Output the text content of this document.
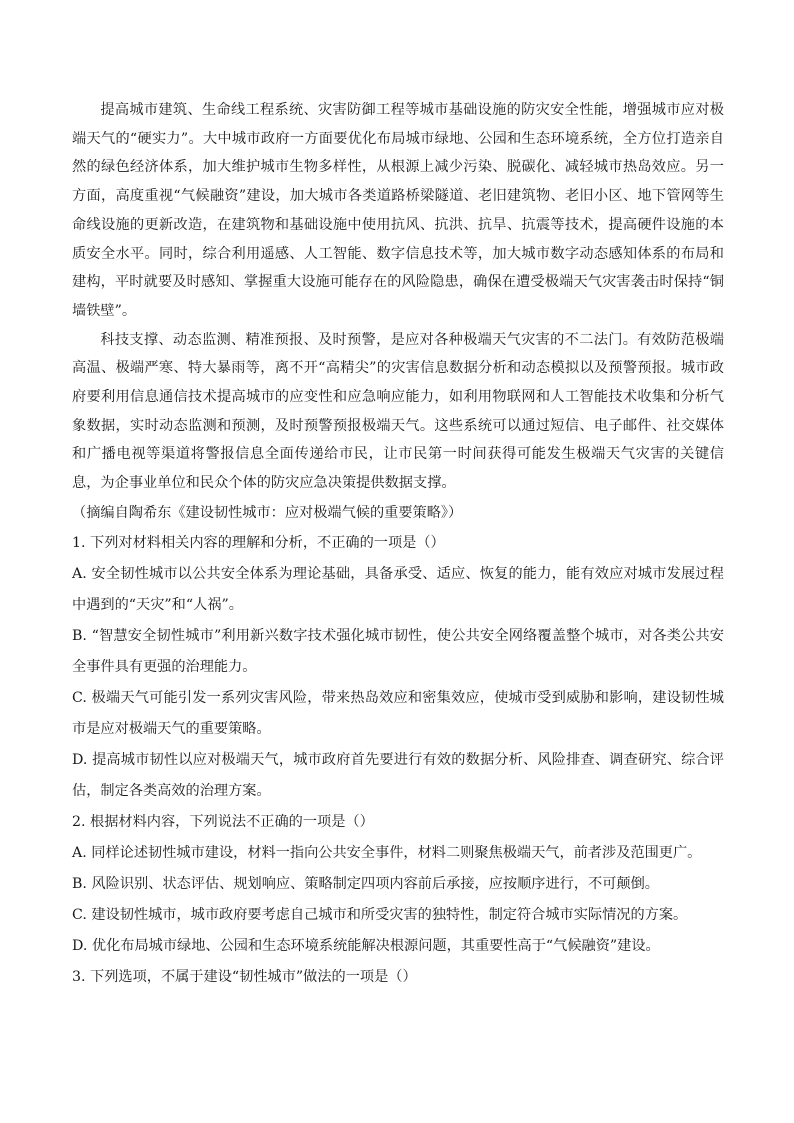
提高城市建筑、生命线工程系统、灾害防御工程等城市基础设施的防灾安全性能，增强城市应对极端天气的“硬实力”。大中城市政府一方面要优化布局城市绿地、公园和生态环境系统，全方位打造亲自然的绿色经济体系，加大维护城市生物多样性，从根源上减少污染、脱碳化、减轻城市热岛效应。另一方面，高度重视“气候融资”建设，加大城市各类道路桥梁隧道、老旧建筑物、老旧小区、地下管网等生命线设施的更新改造，在建筑物和基础设施中使用抗风、抗洪、抗旱、抗震等技术，提高硬件设施的本质安全水平。同时，综合利用遥感、人工智能、数字信息技术等，加大城市数字动态感知体系的布局和建构，平时就要及时感知、掌握重大设施可能存在的风险隐患，确保在遭受极端天气灾害袭击时保持“铜墙铁壁”。

科技支撑、动态监测、精准预报、及时预警，是应对各种极端天气灾害的不二法门。有效防范极端高温、极端严寒、特大暴雨等，离不开“高精尖”的灾害信息数据分析和动态模拟以及预警预报。城市政府要利用信息通信技术提高城市的应变性和应急响应能力，如利用物联网和人工智能技术收集和分析气象数据，实时动态监测和预测，及时预警预报极端天气。这些系统可以通过短信、电子邮件、社交媒体和广播电视等渠道将警报信息全面传递给市民，让市民第一时间获得可能发生极端天气灾害的关键信息，为企事业单位和民众个体的防灾应急决策提供数据支撑。

（摘编自陶希东《建设韧性城市：应对极端气候的重要策略》）

1. 下列对材料相关内容的理解和分析，不正确的一项是（）

A. 安全韧性城市以公共安全体系为理论基础，具备承受、适应、恢复的能力，能有效应对城市发展过程中遇到的“天灾”和“人祸”。

B. “智慧安全韧性城市”利用新兴数字技术强化城市韧性，使公共安全网络覆盖整个城市，对各类公共安全事件具有更强的治理能力。

C. 极端天气可能引发一系列灾害风险，带来热岛效应和密集效应，使城市受到威胁和影响，建设韧性城市是应对极端天气的重要策略。

D. 提高城市韧性以应对极端天气，城市政府首先要进行有效的数据分析、风险排查、调查研究、综合评估，制定各类高效的治理方案。

2. 根据材料内容，下列说法不正确的一项是（）

A. 同样论述韧性城市建设，材料一指向公共安全事件，材料二则聚焦极端天气，前者涉及范围更广。

B. 风险识别、状态评估、规划响应、策略制定四项内容前后承接，应按顺序进行，不可颠倒。

C. 建设韧性城市，城市政府要考虑自己城市和所受灾害的独特性，制定符合城市实际情况的方案。

D. 优化布局城市绿地、公园和生态环境系统能解决根源问题，其重要性高于“气候融资”建设。

3. 下列选项，不属于建设“韧性城市”做法的一项是（）
